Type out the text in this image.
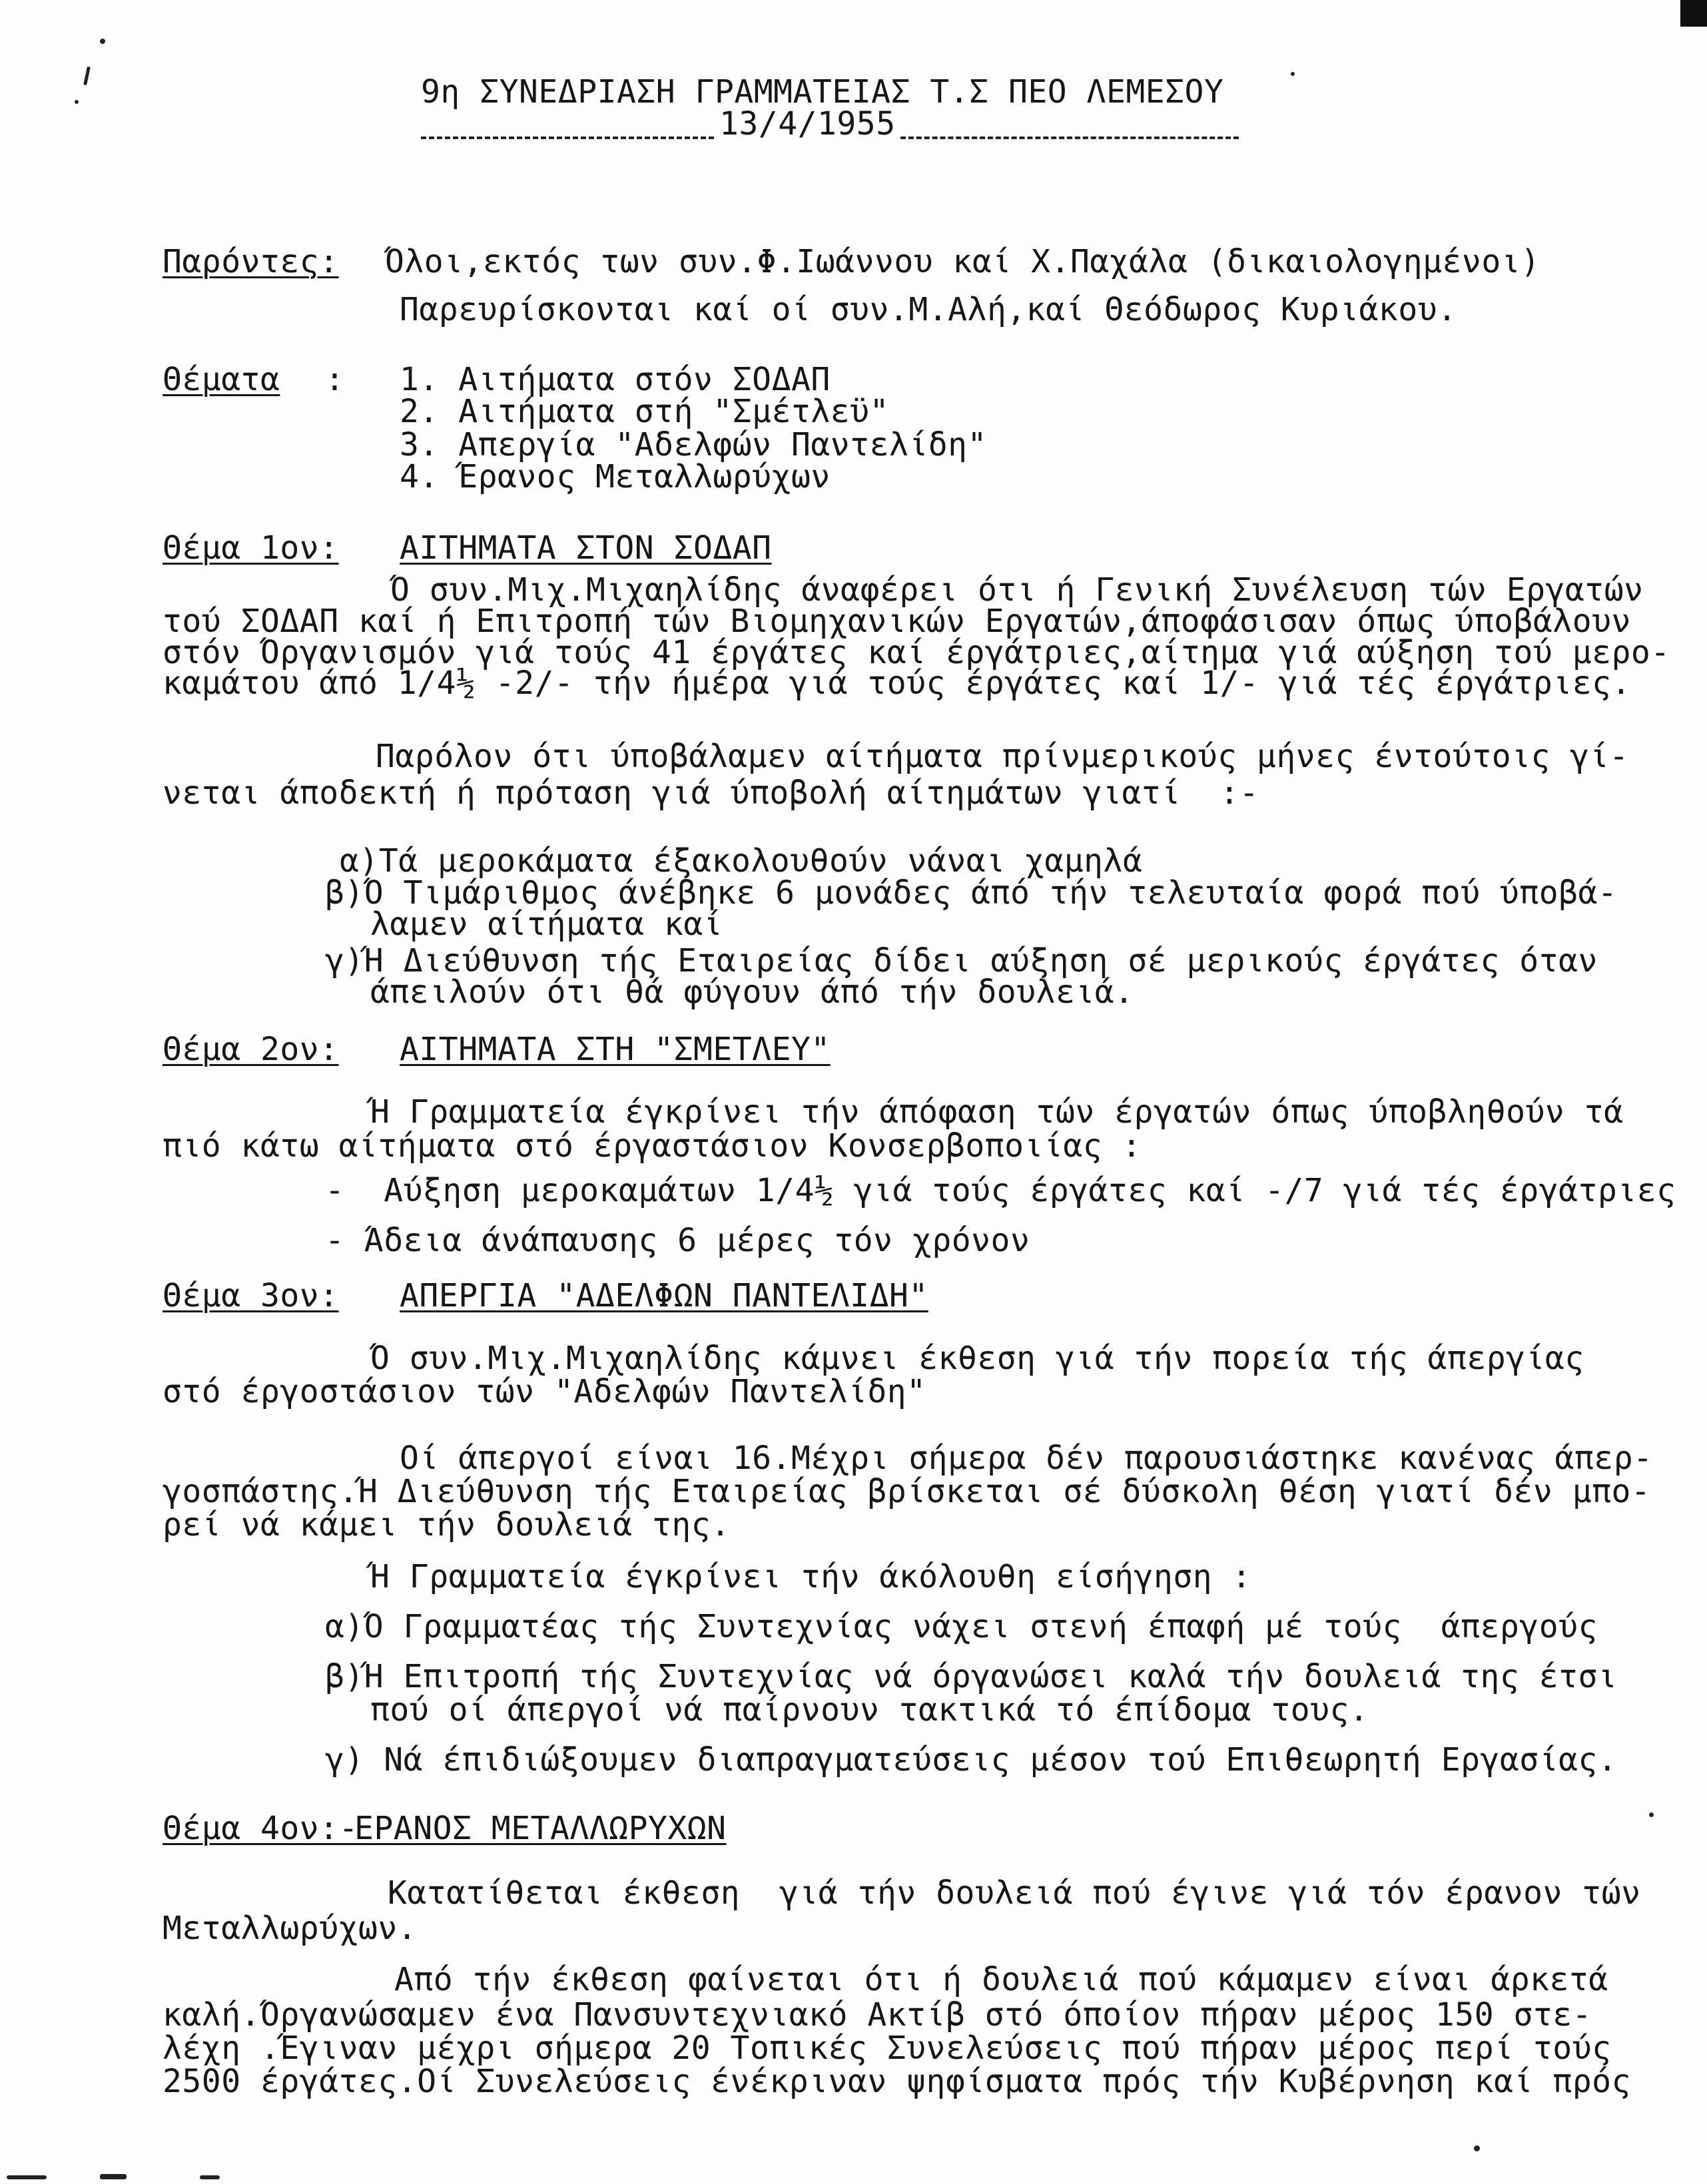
9η ΣΥΝΕΔΡΙΑΣΗ ΓΡΑΜΜΑΤΕΙΑΣ Τ.Σ ΠΕΟ ΛΕΜΕΣΟΥ
13/4/1955
Παρόντες: Όλοι,εκτός των συν.Φ.Ιωάννου καί Χ.Παχάλα (δικαιολογημένοι)
Παρευρίσκονται καί οί συν.Μ.Αλή,καί Θεόδωρος Κυριάκου.
Θέματα : 1. Αιτήματα στόν ΣΟΔΑΠ
2. Αιτήματα στή "Σμέτλεϋ"
3. Απεργία "Αδελφών Παντελίδη"
4. Έρανος Μεταλλωρύχων
Θέμα 1ον: ΑΙΤΗΜΑΤΑ ΣΤΟΝ ΣΟΔΑΠ
Ό συν.Μιχ.Μιχαηλίδης άναφέρει ότι ή Γενική Συνέλευση τών Εργατών
τού ΣΟΔΑΠ καί ή Επιτροπή τών Βιομηχανικών Εργατών,άποφάσισαν όπως ύποβάλουν
στόν Όργανισμόν γιά τούς 41 έργάτες καί έργάτριες,αίτημα γιά αύξηση τού μερο-
καμάτου άπό 1/4½ -2/- τήν ήμέρα γιά τούς έργάτες καί 1/- γιά τές έργάτριες.
Παρόλον ότι ύποβάλαμεν αίτήματα πρίνμερικούς μήνες έντούτοις γί-
νεται άποδεκτή ή πρόταση γιά ύποβολή αίτημάτων γιατί  :-
α)Τά μεροκάματα έξακολουθούν νάναι χαμηλά
β)Ό Τιμάριθμος άνέβηκε 6 μονάδες άπό τήν τελευταία φορά πού ύποβά-
λαμεν αίτήματα καί
γ)Ή Διεύθυνση τής Εταιρείας δίδει αύξηση σέ μερικούς έργάτες όταν
άπειλούν ότι θά φύγουν άπό τήν δουλειά.
Θέμα 2ον: ΑΙΤΗΜΑΤΑ ΣΤΗ "ΣΜΕΤΛΕΥ"
Ή Γραμματεία έγκρίνει τήν άπόφαση τών έργατών όπως ύποβληθούν τά
πιό κάτω αίτήματα στό έργαστάσιον Κονσερβοποιίας :
-  Αύξηση μεροκαμάτων 1/4½ γιά τούς έργάτες καί -/7 γιά τές έργάτριες
- Άδεια άνάπαυσης 6 μέρες τόν χρόνον
Θέμα 3ον: ΑΠΕΡΓΙΑ "ΑΔΕΛΦΩΝ ΠΑΝΤΕΛΙΔΗ"
Ό συν.Μιχ.Μιχαηλίδης κάμνει έκθεση γιά τήν πορεία τής άπεργίας
στό έργοστάσιον τών "Αδελφών Παντελίδη"
Οί άπεργοί είναι 16.Μέχρι σήμερα δέν παρουσιάστηκε κανένας άπερ-
γοσπάστης.Ή Διεύθυνση τής Εταιρείας βρίσκεται σέ δύσκολη θέση γιατί δέν μπο-
ρεί νά κάμει τήν δουλειά της.
Ή Γραμματεία έγκρίνει τήν άκόλουθη είσήγηση :
α)Ό Γραμματέας τής Συντεχνίας νάχει στενή έπαφή μέ τούς  άπεργούς
β)Ή Επιτροπή τής Συντεχνίας νά όργανώσει καλά τήν δουλειά της έτσι
πού οί άπεργοί νά παίρνουν τακτικά τό έπίδομα τους.
γ) Νά έπιδιώξουμεν διαπραγματεύσεις μέσον τού Επιθεωρητή Εργασίας.
Θέμα 4ον:-
ΕΡΑΝΟΣ ΜΕΤΑΛΛΩΡΥΧΩΝ
Κατατίθεται έκθεση  γιά τήν δουλειά πού έγινε γιά τόν έρανον τών
Μεταλλωρύχων.
Από τήν έκθεση φαίνεται ότι ή δουλειά πού κάμαμεν είναι άρκετά
καλή.Όργανώσαμεν ένα Πανσυντεχνιακό Ακτίβ στό όποίον πήραν μέρος 150 στε-
λέχη .Έγιναν μέχρι σήμερα 20 Τοπικές Συνελεύσεις πού πήραν μέρος περί τούς
2500 έργάτες.Οί Συνελεύσεις ένέκριναν ψηφίσματα πρός τήν Κυβέρνηση καί πρός
